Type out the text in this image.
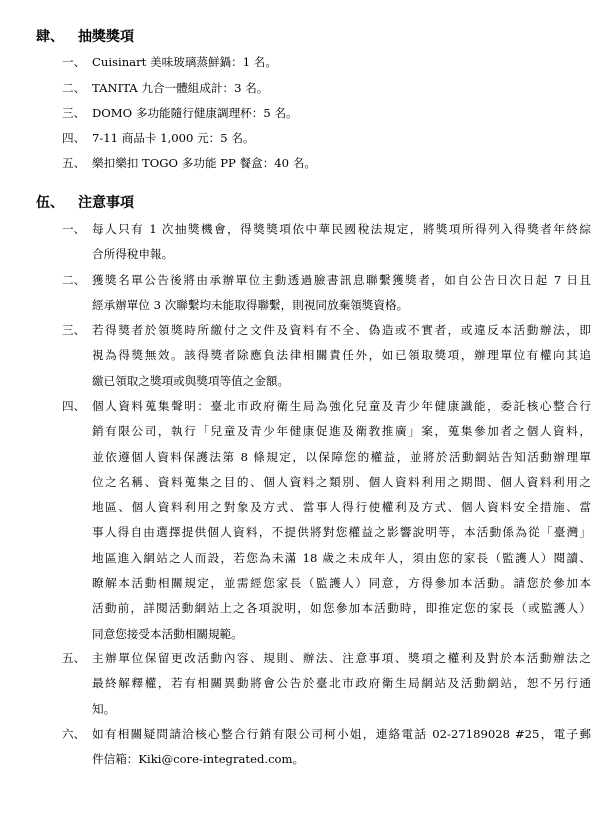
肆、 抽獎獎項
一、 Cuisinart 美味玻璃蒸鮮鍋：1 名。
二、 TANITA 九合一體組成計：3 名。
三、 DOMO 多功能隨行健康調理杯：5 名。
四、 7-11 商品卡 1,000 元：5 名。
五、 樂扣樂扣 TOGO 多功能 PP 餐盒：40 名。
伍、 注意事項
一、 每人只有 1 次抽獎機會，得獎獎項依中華民國稅法規定，將獎項所得列入得獎者年終綜
合所得稅申報。
二、 獲獎名單公告後將由承辦單位主動透過臉書訊息聯繫獲獎者，如自公告日次日起 7 日且
經承辦單位 3 次聯繫均未能取得聯繫，則視同放棄領獎資格。
三、 若得獎者於領獎時所繳付之文件及資料有不全、偽造或不實者，或違反本活動辦法，即
視為得獎無效。該得獎者除應負法律相關責任外，如已領取獎項，辦理單位有權向其追
繳已領取之獎項或與獎項等值之金額。
四、 個人資料蒐集聲明：臺北市政府衛生局為強化兒童及青少年健康識能，委託核心整合行
銷有限公司，執行「兒童及青少年健康促進及衛教推廣」案，蒐集參加者之個人資料，
並依遵個人資料保護法第 8 條規定，以保障您的權益，並將於活動網站告知活動辦理單
位之名稱、資料蒐集之目的、個人資料之類別、個人資料利用之期間、個人資料利用之
地區、個人資料利用之對象及方式、當事人得行使權利及方式、個人資料安全措施、當
事人得自由選擇提供個人資料，不提供將對您權益之影響說明等，本活動係為從「臺灣」
地區進入網站之人而設，若您為未滿 18 歲之未成年人，須由您的家長（監護人）閱讀、
瞭解本活動相關規定，並需經您家長（監護人）同意，方得參加本活動。請您於參加本
活動前，詳閱活動網站上之各項說明，如您參加本活動時，即推定您的家長（或監護人）
同意您接受本活動相關規範。
五、 主辦單位保留更改活動內容、規則、辦法、注意事項、獎項之權利及對於本活動辦法之
最終解釋權，若有相關異動將會公告於臺北市政府衛生局網站及活動網站，恕不另行通
知。
六、 如有相關疑問請洽核心整合行銷有限公司柯小姐，連絡電話 02-27189028 #25，電子郵
件信箱：Kiki@core-integrated.com。
